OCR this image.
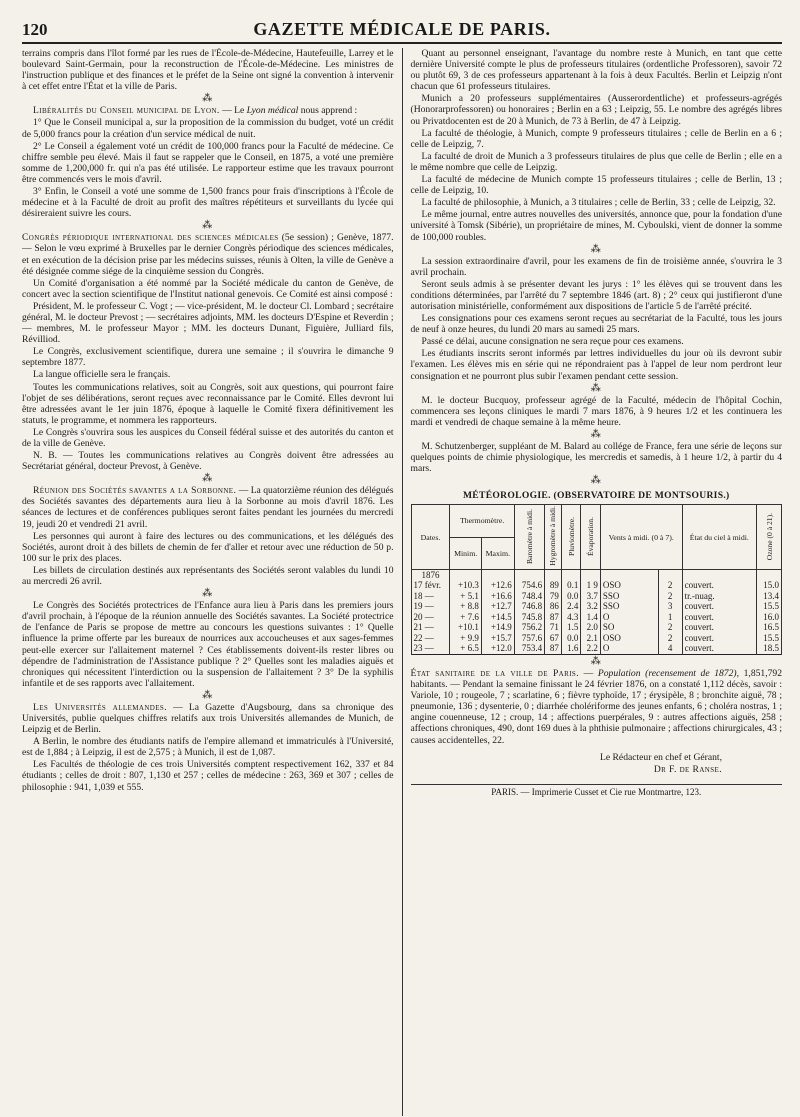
120	GAZETTE MÉDICALE DE PARIS.

terrains compris dans l'îlot formé par les rues de l'École-de-Médecine, Hautefeuille, Larrey et le boulevard Saint-Germain, pour la reconstruction de l'École-de-Médecine. Les ministres de l'instruction publique et des finances et le préfet de la Seine ont signé la convention à intervenir à cet effet entre l'État et la ville de Paris.

⁂

Libéralités du Conseil municipal de Lyon. — Le Lyon médical nous apprend :

1° Que le Conseil municipal a, sur la proposition de la commission du budget, voté un crédit de 5,000 francs pour la création d'un service médical de nuit.

2° Le Conseil a également voté un crédit de 100,000 francs pour la Faculté de médecine. Ce chiffre semble peu élevé. Mais il faut se rappeler que le Conseil, en 1875, a voté une première somme de 1,200,000 fr. qui n'a pas été utilisée. Le rapporteur estime que les travaux pourront être commencés vers le mois d'avril.

3° Enfin, le Conseil a voté une somme de 1,500 francs pour frais d'inscriptions à l'École de médecine et à la Faculté de droit au profit des maîtres répétiteurs et surveillants du lycée qui désireraient suivre les cours.

⁂

Congrès périodique international des sciences médicales (5e session) ; Genève, 1877. — Selon le vœu exprimé à Bruxelles par le dernier Congrès périodique des sciences médicales, et en exécution de la décision prise par les médecins suisses, réunis à Olten, la ville de Genève a été désignée comme siége de la cinquième session du Congrès.

Un Comité d'organisation a été nommé par la Société médicale du canton de Genève, de concert avec la section scientifique de l'Institut national genevois. Ce Comité est ainsi composé :

Président, M. le professeur C. Vogt ; — vice-président, M. le docteur Cl. Lombard ; secrétaire général, M. le docteur Prevost ; — secrétaires adjoints, MM. les docteurs D'Espine et Reverdin ; — membres, M. le professeur Mayor ; MM. les docteurs Dunant, Figuière, Julliard fils, Révilliod.

Le Congrès, exclusivement scientifique, durera une semaine ; il s'ouvrira le dimanche 9 septembre 1877.

La langue officielle sera le français.

Toutes les communications relatives, soit au Congrès, soit aux questions, qui pourront faire l'objet de ses délibérations, seront reçues avec reconnaissance par le Comité. Elles devront lui être adressées avant le 1er juin 1876, époque à laquelle le Comité fixera définitivement les statuts, le programme, et nommera les rapporteurs.

Le Congrès s'ouvrira sous les auspices du Conseil fédéral suisse et des autorités du canton et de la ville de Genève.

N. B. — Toutes les communications relatives au Congrès doivent être adressées au Secrétariat général, docteur Prevost, à Genève.

⁂

Réunion des Sociétés savantes a la Sorbonne. — La quatorzième réunion des délégués des Sociétés savantes des départements aura lieu à la Sorbonne au mois d'avril 1876. Les séances de lectures et de conférences publiques seront faites pendant les journées du mercredi 19, jeudi 20 et vendredi 21 avril.

Les personnes qui auront à faire des lectures ou des communications, et les délégués des Sociétés, auront droit à des billets de chemin de fer d'aller et retour avec une réduction de 50 p. 100 sur le prix des places.

Les billets de circulation destinés aux représentants des Sociétés seront valables du lundi 10 au mercredi 26 avril.

⁂

Le Congrès des Sociétés protectrices de l'Enfance aura lieu à Paris dans les premiers jours d'avril prochain, à l'époque de la réunion annuelle des Sociétés savantes. La Société protectrice de l'enfance de Paris se propose de mettre au concours les questions suivantes : 1° Quelle influence la prime offerte par les bureaux de nourrices aux accoucheuses et aux sages-femmes peut-elle exercer sur l'allaitement maternel ? Ces établissements doivent-ils rester libres ou dépendre de l'administration de l'Assistance publique ? 2° Quelles sont les maladies aiguës et chroniques qui nécessitent l'interdiction ou la suspension de l'allaitement ? 3° De la syphilis infantile et de ses rapports avec l'allaitement.

⁂

Les Universités allemandes. — La Gazette d'Augsbourg, dans sa chronique des Universités, publie quelques chiffres relatifs aux trois Universités allemandes de Munich, de Leipzig et de Berlin.

A Berlin, le nombre des étudiants natifs de l'empire allemand et immatriculés à l'Université, est de 1,884 ; à Leipzig, il est de 2,575 ; à Munich, il est de 1,087.

Les Facultés de théologie de ces trois Universités comptent respectivement 162, 337 et 84 étudiants ; celles de droit : 807, 1,130 et 257 ; celles de médecine : 263, 369 et 307 ; celles de philosophie : 941, 1,039 et 555.

Quant au personnel enseignant, l'avantage du nombre reste à Munich, en tant que cette dernière Université compte le plus de professeurs titulaires (ordentliche Professoren), savoir 72 ou plutôt 69, 3 de ces professeurs appartenant à la fois à deux Facultés. Berlin et Leipzig n'ont chacun que 61 professeurs titulaires.

Munich a 20 professeurs supplémentaires (Ausserordentliche) et professeurs-agrégés (Honorarprofessoren) ou honoraires ; Berlin en a 63 ; Leipzig, 55. Le nombre des agrégés libres ou Privatdocenten est de 20 à Munich, de 73 à Berlin, de 47 à Leipzig.

La faculté de théologie, à Munich, compte 9 professeurs titulaires ; celle de Berlin en a 6 ; celle de Leipzig, 7.

La faculté de droit de Munich a 3 professeurs titulaires de plus que celle de Berlin ; elle en a le même nombre que celle de Leipzig.

La faculté de médecine de Munich compte 15 professeurs titulaires ; celle de Berlin, 13 ; celle de Leipzig, 10.

La faculté de philosophie, à Munich, a 3 titulaires ; celle de Berlin, 33 ; celle de Leipzig, 32.

Le même journal, entre autres nouvelles des universités, annonce que, pour la fondation d'une université à Tomsk (Sibérie), un propriétaire de mines, M. Cyboulski, vient de donner la somme de 100,000 roubles.

⁂

La session extraordinaire d'avril, pour les examens de fin de troisième année, s'ouvrira le 3 avril prochain.

Seront seuls admis à se présenter devant les jurys : 1° les élèves qui se trouvent dans les conditions déterminées, par l'arrêté du 7 septembre 1846 (art. 8) ; 2° ceux qui justifieront d'une autorisation ministérielle, conformément aux dispositions de l'article 5 de l'arrêté précité.

Les consignations pour ces examens seront reçues au secrétariat de la Faculté, tous les jours de neuf à onze heures, du lundi 20 mars au samedi 25 mars.

Passé ce délai, aucune consignation ne sera reçue pour ces examens.

Les étudiants inscrits seront informés par lettres individuelles du jour où ils devront subir l'examen. Les élèves mis en série qui ne répondraient pas à l'appel de leur nom perdront leur consignation et ne pourront plus subir l'examen pendant cette session.

⁂

M. le docteur Bucquoy, professeur agrégé de la Faculté, médecin de l'hôpital Cochin, commencera ses leçons cliniques le mardi 7 mars 1876, à 9 heures 1/2 et les continuera les mardi et vendredi de chaque semaine à la même heure.

⁂

M. Schutzenberger, suppléant de M. Balard au collége de France, fera une série de leçons sur quelques points de chimie physiologique, les mercredis et samedis, à 1 heure 1/2, à partir du 4 mars.

⁂
MÉTÉOROLOGIE. (OBSERVATOIRE DE MONTSOURIS.)
Dates.	Thermomètre.		Baromètre à midi.	Hygromètre à midi.	Pluviomètre.	Évaporation.	Vents à midi. (0 à 7).		État du ciel à midi.	Ozone (0 à 21).
	Minim.	Maxim.								
1876										
17 févr.	+10.3	+12.6	754.6	89	0.1	1 9	OSO	2	couvert.	15.0
18 —	+ 5.1	+16.6	748.4	79	0.0	3.7	SSO	2	tr.-nuag.	13.4
19 —	+ 8.8	+12.7	746.8	86	2.4	3.2	SSO	3	couvert.	15.5
20 —	+ 7.6	+14.5	745.8	87	4.3	1.4	O	1	couvert.	16.0
21 —	+10.1	+14.9	756.2	71	1.5	2.0	SO	2	couvert.	16.5
22 —	+ 9.9	+15.7	757.6	67	0.0	2.1	OSO	2	couvert.	15.5
23 —	+ 6.5	+12.0	753.4	87	1.6	2.2	O	4	couvert.	18.5
⁂

État sanitaire de la ville de Paris. — Population (recensement de 1872), 1,851,792 habitants. — Pendant la semaine finissant le 24 février 1876, on a constaté 1,112 décès, savoir : Variole, 10 ; rougeole, 7 ; scarlatine, 6 ; fièvre typhoïde, 17 ; érysipèle, 8 ; bronchite aiguë, 78 ; pneumonie, 136 ; dysenterie, 0 ; diarrhée cholériforme des jeunes enfants, 6 ; choléra nostras, 1 ; angine couenneuse, 12 ; croup, 14 ; affections puerpérales, 9 : autres affections aiguës, 258 ; affections chroniques, 490, dont 169 dues à la phthisie pulmonaire ; affections chirurgicales, 43 ; causes accidentelles, 22.

Le Rédacteur en chef et Gérant,
Dr F. de Ranse.
PARIS. — Imprimerie Cusset et Cie rue Montmartre, 123.
